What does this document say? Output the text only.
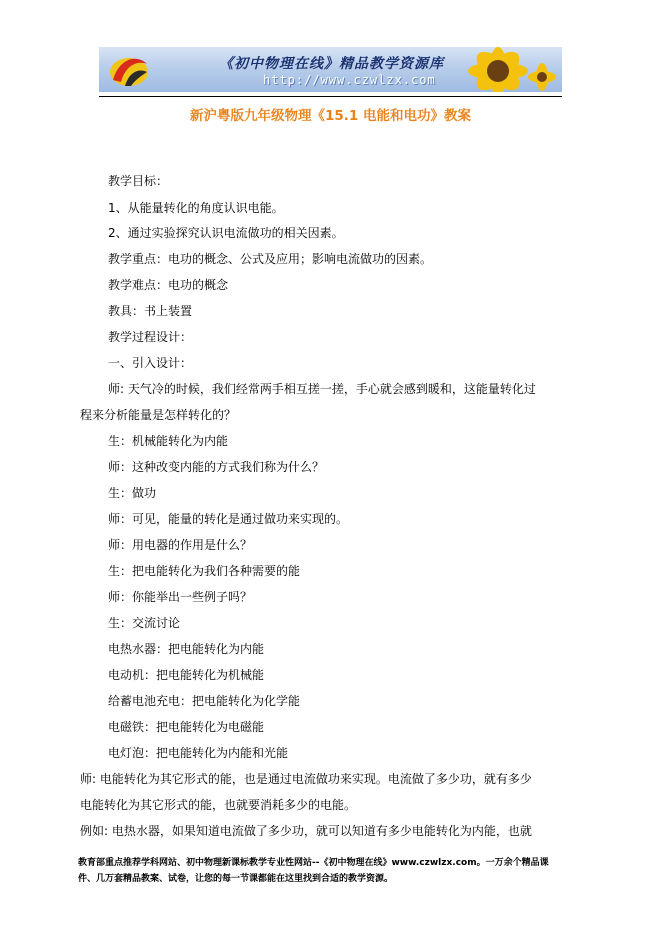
《初中物理在线》精品教学资源库
http://www.czwlzx.com
新沪粤版九年级物理《15.1 电能和电功》教案
教学目标：
1、从能量转化的角度认识电能。
2、通过实验探究认识电流做功的相关因素。
教学重点：电功的概念、公式及应用；影响电流做功的因素。
教学难点：电功的概念
教具：书上装置
教学过程设计：
一、引入设计：
师: 天气冷的时候，我们经常两手相互搓一搓，手心就会感到暖和，这能量转化过
程来分析能量是怎样转化的？
生：机械能转化为内能
师：这种改变内能的方式我们称为什么？
生：做功
师：可见，能量的转化是通过做功来实现的。
师：用电器的作用是什么？
生：把电能转化为我们各种需要的能
师：你能举出一些例子吗？
生：交流讨论
电热水器：把电能转化为内能
电动机：把电能转化为机械能
给蓄电池充电：把电能转化为化学能
电磁铁：把电能转化为电磁能
电灯泡：把电能转化为内能和光能
师: 电能转化为其它形式的能，也是通过电流做功来实现。电流做了多少功，就有多少
电能转化为其它形式的能，也就要消耗多少的电能。
例如: 电热水器，如果知道电流做了多少功，就可以知道有多少电能转化为内能，也就
教育部重点推荐学科网站、初中物理新课标教学专业性网站--《初中物理在线》www.czwlzx.com。一万余个精品课
件、几万套精品教案、试卷，让您的每一节课都能在这里找到合适的教学资源。
